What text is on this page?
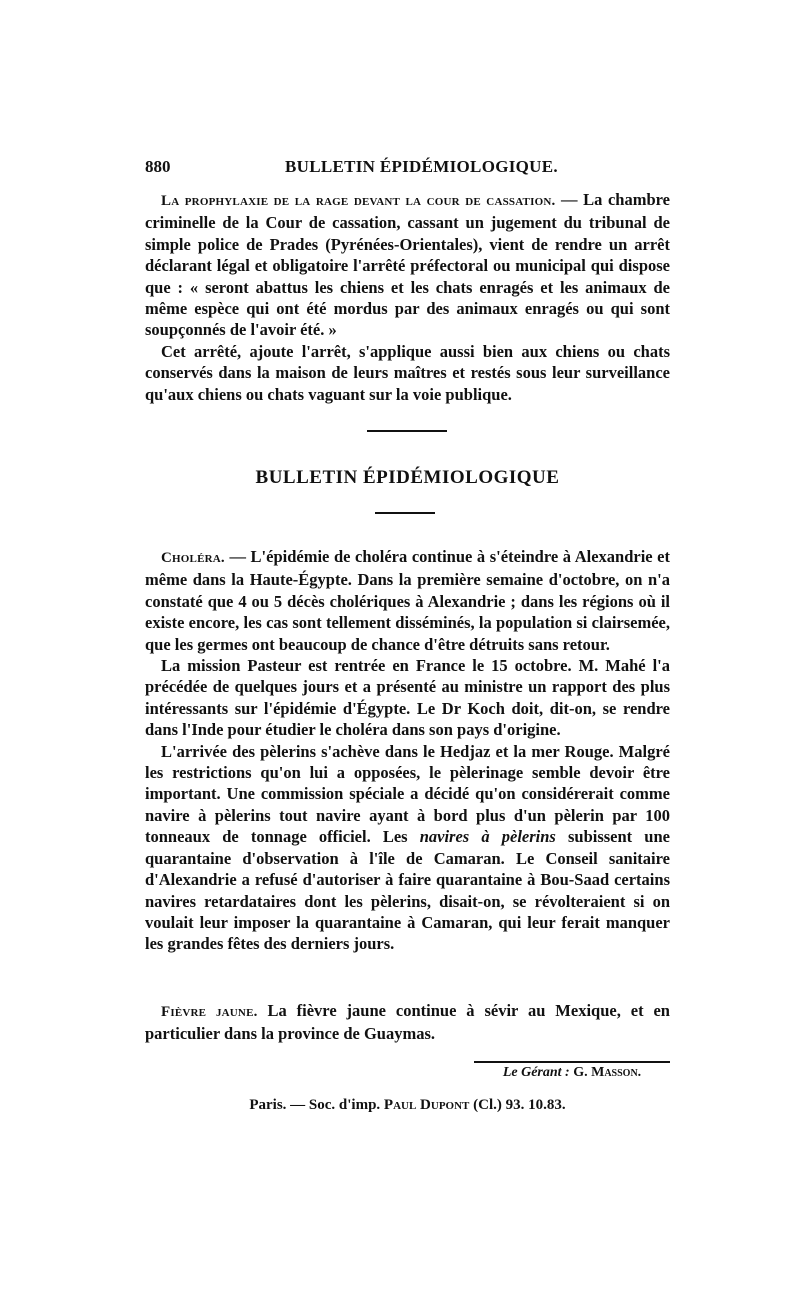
880	BULLETIN ÉPIDÉMIOLOGIQUE.

La prophylaxie de la rage devant la cour de cassation. — La chambre criminelle de la Cour de cassation, cassant un jugement du tribunal de simple police de Prades (Pyrénées-Orientales), vient de rendre un arrêt déclarant légal et obligatoire l'arrêté préfectoral ou municipal qui dispose que : « seront abattus les chiens et les chats enragés et les animaux de même espèce qui ont été mordus par des animaux enragés ou qui sont soupçonnés de l'avoir été. »

Cet arrêté, ajoute l'arrêt, s'applique aussi bien aux chiens ou chats conservés dans la maison de leurs maîtres et restés sous leur surveillance qu'aux chiens ou chats vaguant sur la voie publique.

BULLETIN ÉPIDÉMIOLOGIQUE

Choléra. — L'épidémie de choléra continue à s'éteindre à Alexandrie et même dans la Haute-Égypte. Dans la première semaine d'octobre, on n'a constaté que 4 ou 5 décès cholériques à Alexandrie ; dans les régions où il existe encore, les cas sont tellement disséminés, la population si clairsemée, que les germes ont beaucoup de chance d'être détruits sans retour.

La mission Pasteur est rentrée en France le 15 octobre. M. Mahé l'a précédée de quelques jours et a présenté au ministre un rapport des plus intéressants sur l'épidémie d'Égypte. Le Dr Koch doit, dit-on, se rendre dans l'Inde pour étudier le choléra dans son pays d'origine.

L'arrivée des pèlerins s'achève dans le Hedjaz et la mer Rouge. Malgré les restrictions qu'on lui a opposées, le pèlerinage semble devoir être important. Une commission spéciale a décidé qu'on considérerait comme navire à pèlerins tout navire ayant à bord plus d'un pèlerin par 100 tonneaux de tonnage officiel. Les navires à pèlerins subissent une quarantaine d'observation à l'île de Camaran. Le Conseil sanitaire d'Alexandrie a refusé d'autoriser à faire quarantaine à Bou-Saad certains navires retardataires dont les pèlerins, disait-on, se révolteraient si on voulait leur imposer la quarantaine à Camaran, qui leur ferait manquer les grandes fêtes des derniers jours.

Fièvre jaune. La fièvre jaune continue à sévir au Mexique, et en particulier dans la province de Guaymas.

Le Gérant : G. Masson.
Paris. — Soc. d'imp. Paul Dupont (Cl.) 93. 10.83.
